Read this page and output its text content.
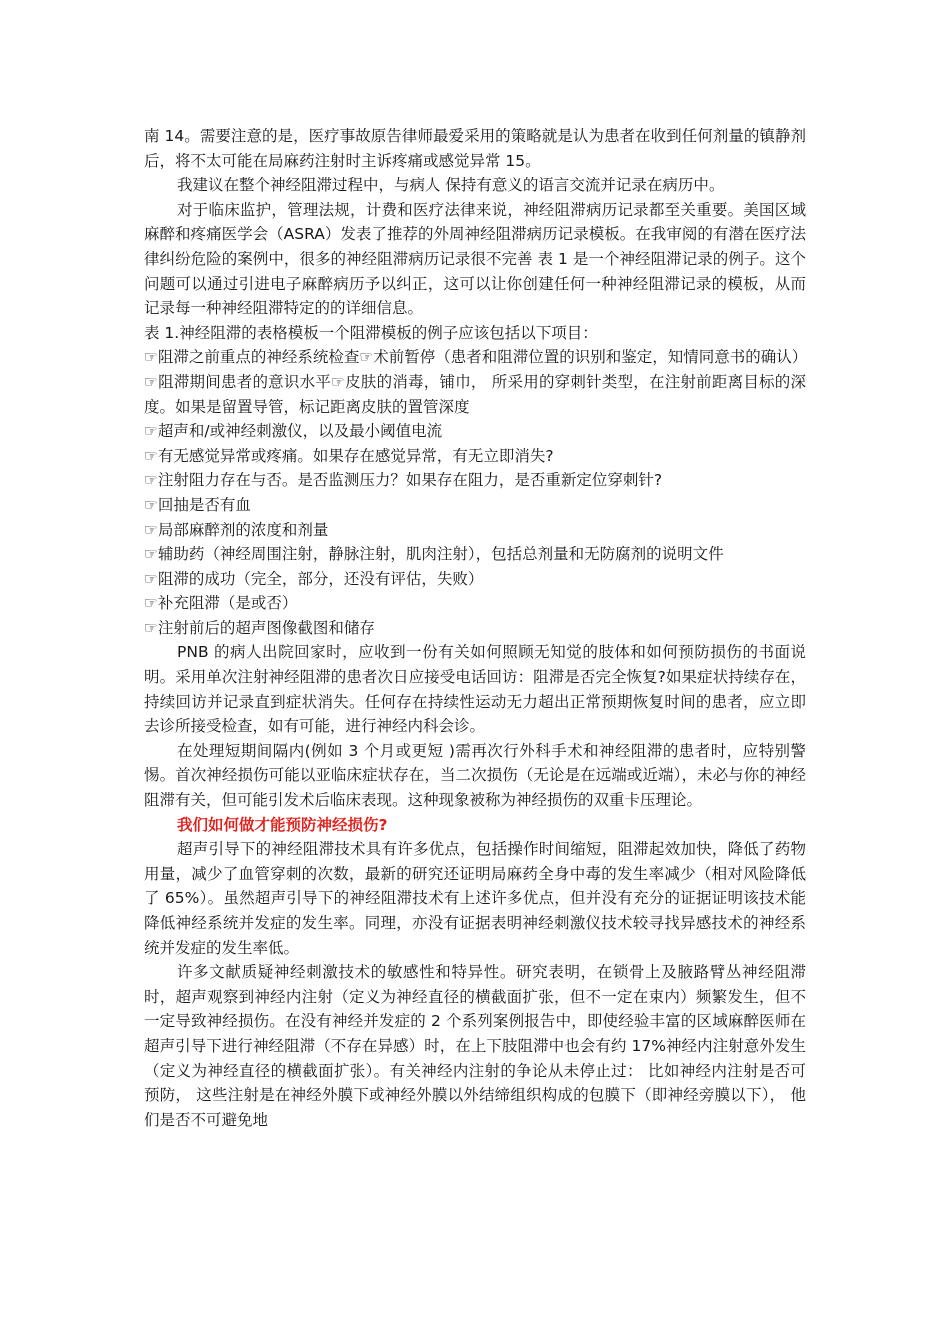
南 14。需要注意的是，医疗事故原告律师最爱采用的策略就是认为患者在收到任何剂量的镇静剂后，将不太可能在局麻药注射时主诉疼痛或感觉异常 15。

我建议在整个神经阻滞过程中，与病人 保持有意义的语言交流并记录在病历中。

对于临床监护，管理法规，计费和医疗法律来说，神经阻滞病历记录都至关重要。美国区域麻醉和疼痛医学会（ASRA）发表了推荐的外周神经阻滞病历记录模板。在我审阅的有潜在医疗法律纠纷危险的案例中，很多的神经阻滞病历记录很不完善 表 1 是一个神经阻滞记录的例子。这个问题可以通过引进电子麻醉病历予以纠正，这可以让你创建任何一种神经阻滞记录的模板，从而记录每一种神经阻滞特定的的详细信息。

表 1.神经阻滞的表格模板一个阻滞模板的例子应该包括以下项目：

☞阻滞之前重点的神经系统检查☞术前暂停（患者和阻滞位置的识别和鉴定，知情同意书的确认）

☞阻滞期间患者的意识水平☞皮肤的消毒，铺巾， 所采用的穿刺针类型，在注射前距离目标的深度。如果是留置导管，标记距离皮肤的置管深度

☞超声和/或神经刺激仪，以及最小阈值电流

☞有无感觉异常或疼痛。如果存在感觉异常，有无立即消失?

☞注射阻力存在与否。是否监测压力？如果存在阻力，是否重新定位穿刺针?

☞回抽是否有血

☞局部麻醉剂的浓度和剂量

☞辅助药（神经周围注射，静脉注射，肌肉注射），包括总剂量和无防腐剂的说明文件

☞阻滞的成功（完全，部分，还没有评估，失败）

☞补充阻滞（是或否）

☞注射前后的超声图像截图和储存

PNB 的病人出院回家时，应收到一份有关如何照顾无知觉的肢体和如何预防损伤的书面说明。采用单次注射神经阻滞的患者次日应接受电话回访：阻滞是否完全恢复?如果症状持续存在，持续回访并记录直到症状消失。任何存在持续性运动无力超出正常预期恢复时间的患者，应立即去诊所接受检查，如有可能，进行神经内科会诊。

在处理短期间隔内(例如 3 个月或更短 )需再次行外科手术和神经阻滞的患者时，应特别警惕。首次神经损伤可能以亚临床症状存在，当二次损伤（无论是在远端或近端），未必与你的神经阻滞有关，但可能引发术后临床表现。这种现象被称为神经损伤的双重卡压理论。

我们如何做才能预防神经损伤?

超声引导下的神经阻滞技术具有许多优点，包括操作时间缩短，阻滞起效加快，降低了药物用量，减少了血管穿刺的次数，最新的研究还证明局麻药全身中毒的发生率减少（相对风险降低了 65%）。虽然超声引导下的神经阻滞技术有上述许多优点，但并没有充分的证据证明该技术能降低神经系统并发症的发生率。同理，亦没有证据表明神经刺激仪技术较寻找异感技术的神经系统并发症的发生率低。

许多文献质疑神经刺激技术的敏感性和特异性。研究表明，在锁骨上及腋路臂丛神经阻滞时，超声观察到神经内注射（定义为神经直径的横截面扩张，但不一定在束内）频繁发生，但不一定导致神经损伤。在没有神经并发症的 2 个系列案例报告中，即使经验丰富的区域麻醉医师在超声引导下进行神经阻滞（不存在异感）时，在上下肢阻滞中也会有约 17%神经内注射意外发生（定义为神经直径的横截面扩张）。有关神经内注射的争论从未停止过： 比如神经内注射是否可预防， 这些注射是在神经外膜下或神经外膜以外结缔组织构成的包膜下（即神经旁膜以下）， 他们是否不可避免地
